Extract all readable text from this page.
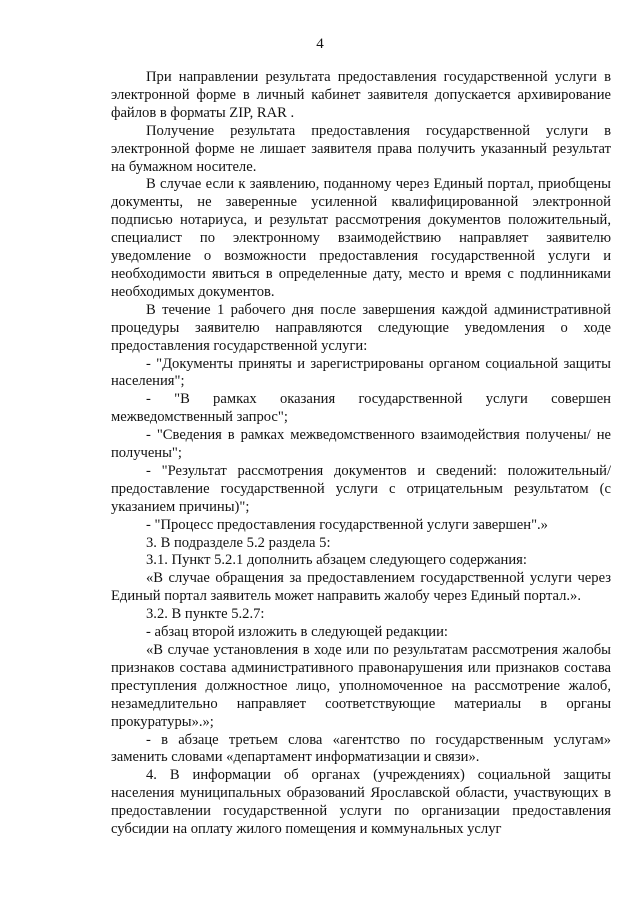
4

При направлении результата предоставления государственной услуги в электронной форме в личный кабинет заявителя допускается архивирование файлов в форматы ZIP, RAR .

Получение результата предоставления государственной услуги в электронной форме не лишает заявителя права получить указанный результат на бумажном носителе.

В случае если к заявлению, поданному через Единый портал, приобщены документы, не заверенные усиленной квалифицированной электронной подписью нотариуса, и результат рассмотрения документов положительный, специалист по электронному взаимодействию направляет заявителю уведомление о возможности предоставления государственной услуги и необходимости явиться в определенные дату, место и время с подлинниками необходимых документов.

В течение 1 рабочего дня после завершения каждой административной процедуры заявителю направляются следующие уведомления о ходе предоставления государственной услуги:

- "Документы приняты и зарегистрированы органом социальной защиты населения";

- "В рамках оказания государственной услуги совершен межведомственный запрос";

- "Сведения в рамках межведомственного взаимодействия получены/ не получены";

- "Результат рассмотрения документов и сведений: положительный/ предоставление государственной услуги с отрицательным результатом (с указанием причины)";

- "Процесс предоставления государственной услуги завершен".»

3. В подразделе 5.2 раздела 5:

3.1. Пункт 5.2.1 дополнить абзацем следующего содержания:

«В случае обращения за предоставлением государственной услуги через Единый портал заявитель может направить жалобу через Единый портал.».

3.2. В пункте 5.2.7:

- абзац второй изложить в следующей редакции:

«В случае установления в ходе или по результатам рассмотрения жалобы признаков состава административного правонарушения или признаков состава преступления должностное лицо, уполномоченное на рассмотрение жалоб, незамедлительно направляет соответствующие материалы в органы прокуратуры».»;

- в абзаце третьем слова «агентство по государственным услугам» заменить словами «департамент информатизации и связи».

4. В информации об органах (учреждениях) социальной защиты населения муниципальных образований Ярославской области, участвующих в предоставлении государственной услуги по организации предоставления субсидии на оплату жилого помещения и коммунальных услуг
